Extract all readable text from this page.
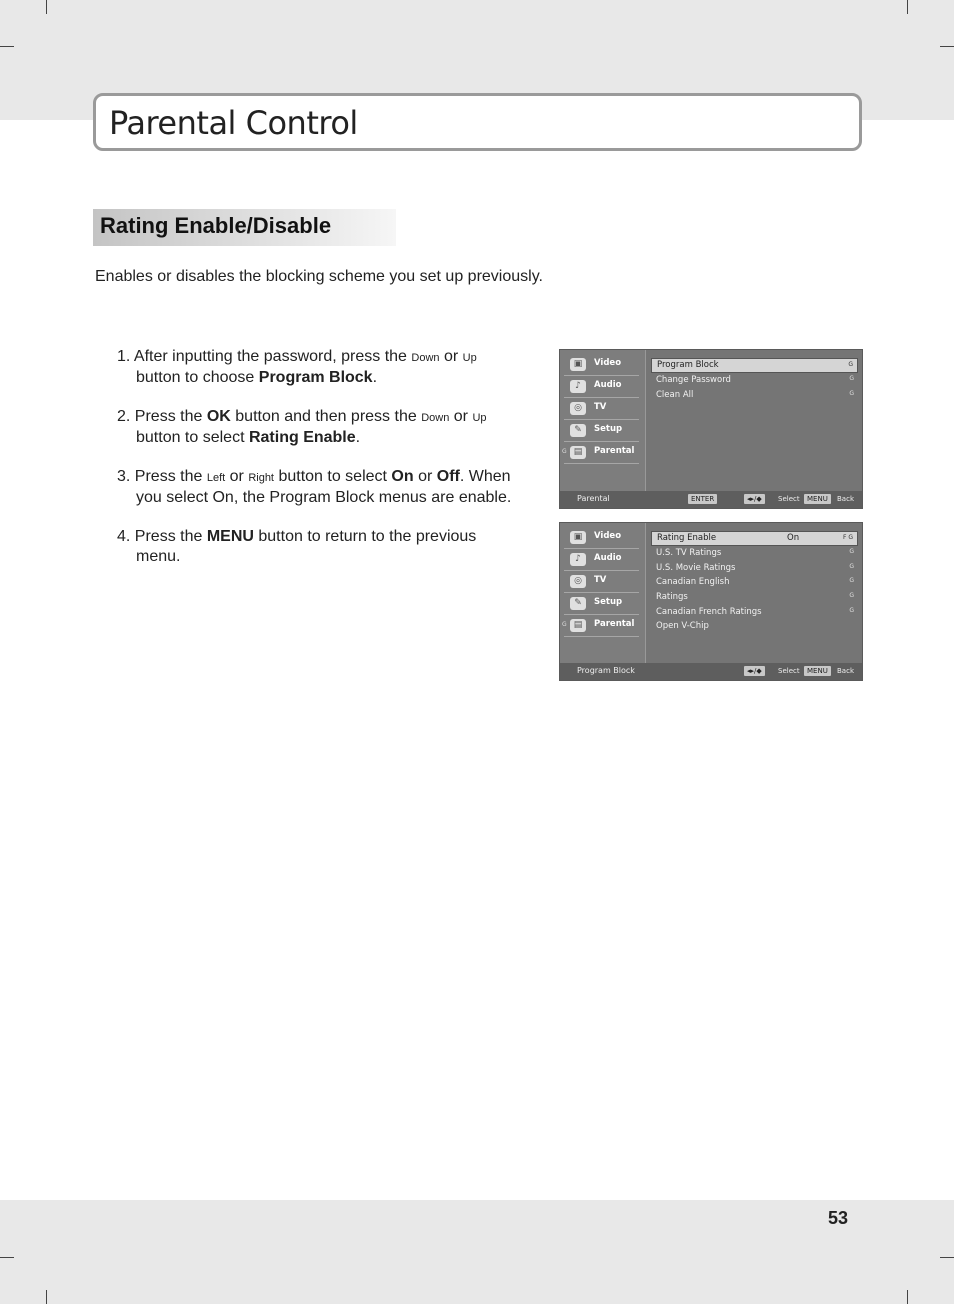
Parental Control
Rating Enable/Disable
Enables or disables the blocking scheme you set up previously.

1. After inputting the password, press the Down or Up button to choose Program Block.

2. Press the OK button and then press the Down or Up button to select Rating Enable.

3. Press the Left or Right button to select On or Off. When you select On, the Program Block menus are enable.

4. Press the MENU button to return to the previous menu.

▣	Video
♪	Audio
◎	TV
✎	Setup
G ▤	Parental
Program Block	G
Change Password	G
Clean All	G
Parental	ENTER	◂▸/◆	Select	MENU	Back
▣	Video
♪	Audio
◎	TV
✎	Setup
G ▤	Parental
Rating Enable	On	F G
U.S. TV Ratings	G
U.S. Movie Ratings	G
Canadian English	G
Ratings	G
Canadian French Ratings	G
Open V-Chip
Program Block	◂▸/◆	Select	MENU	Back
53
